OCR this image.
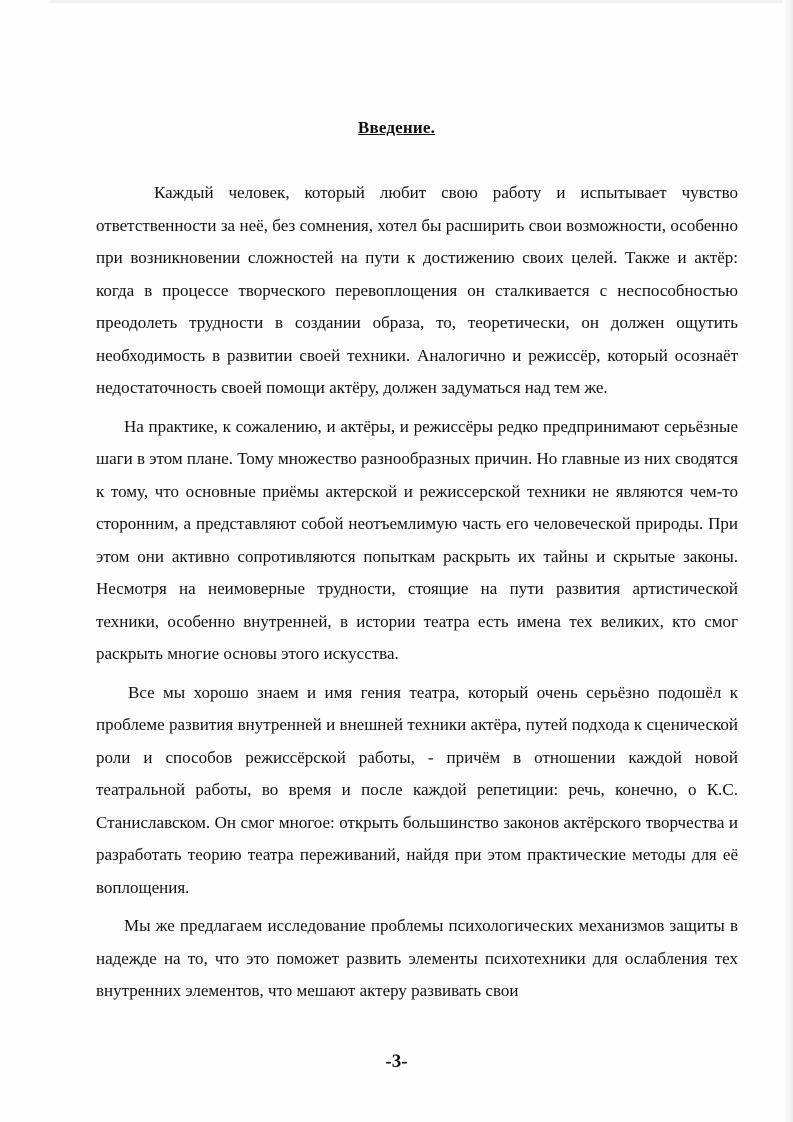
Введение.

Каждый человек, который любит свою работу и испытывает чувство ответственности за неё, без сомнения, хотел бы расширить свои возможности, особенно при возникновении сложностей на пути к достижению своих целей. Также и актёр: когда в процессе творческого перевоплощения он сталкивается с неспособностью преодолеть трудности в создании образа, то, теоретически, он должен ощутить необходимость в развитии своей техники. Аналогично и режиссёр, который осознаёт недостаточность своей помощи актёру, должен задуматься над тем же.

На практике, к сожалению, и актёры, и режиссёры редко предпринимают серьёзные шаги в этом плане. Тому множество разнообразных причин. Но главные из них сводятся к тому, что основные приёмы актерской и режиссерской техники не являются чем-то сторонним, а представляют собой неотъемлимую часть его человеческой природы. При этом они активно сопротивляются попыткам раскрыть их тайны и скрытые законы. Несмотря на неимоверные трудности, стоящие на пути развития артистической техники, особенно внутренней, в истории театра есть имена тех великих, кто смог раскрыть многие основы этого искусства.

Все мы хорошо знаем и имя гения театра, который очень серьёзно подошёл к проблеме развития внутренней и внешней техники актёра, путей подхода к сценической роли и способов режиссёрской работы, - причём в отношении каждой новой театральной работы, во время и после каждой репетиции: речь, конечно, о К.С. Станиславском. Он смог многое: открыть большинство законов актёрского творчества и разработать теорию театра переживаний, найдя при этом практические методы для её воплощения.

Мы же предлагаем исследование проблемы психологических механизмов защиты в надежде на то, что это поможет развить элементы психотехники для ослабления тех внутренних элементов, что мешают актеру развивать свои

-3-
